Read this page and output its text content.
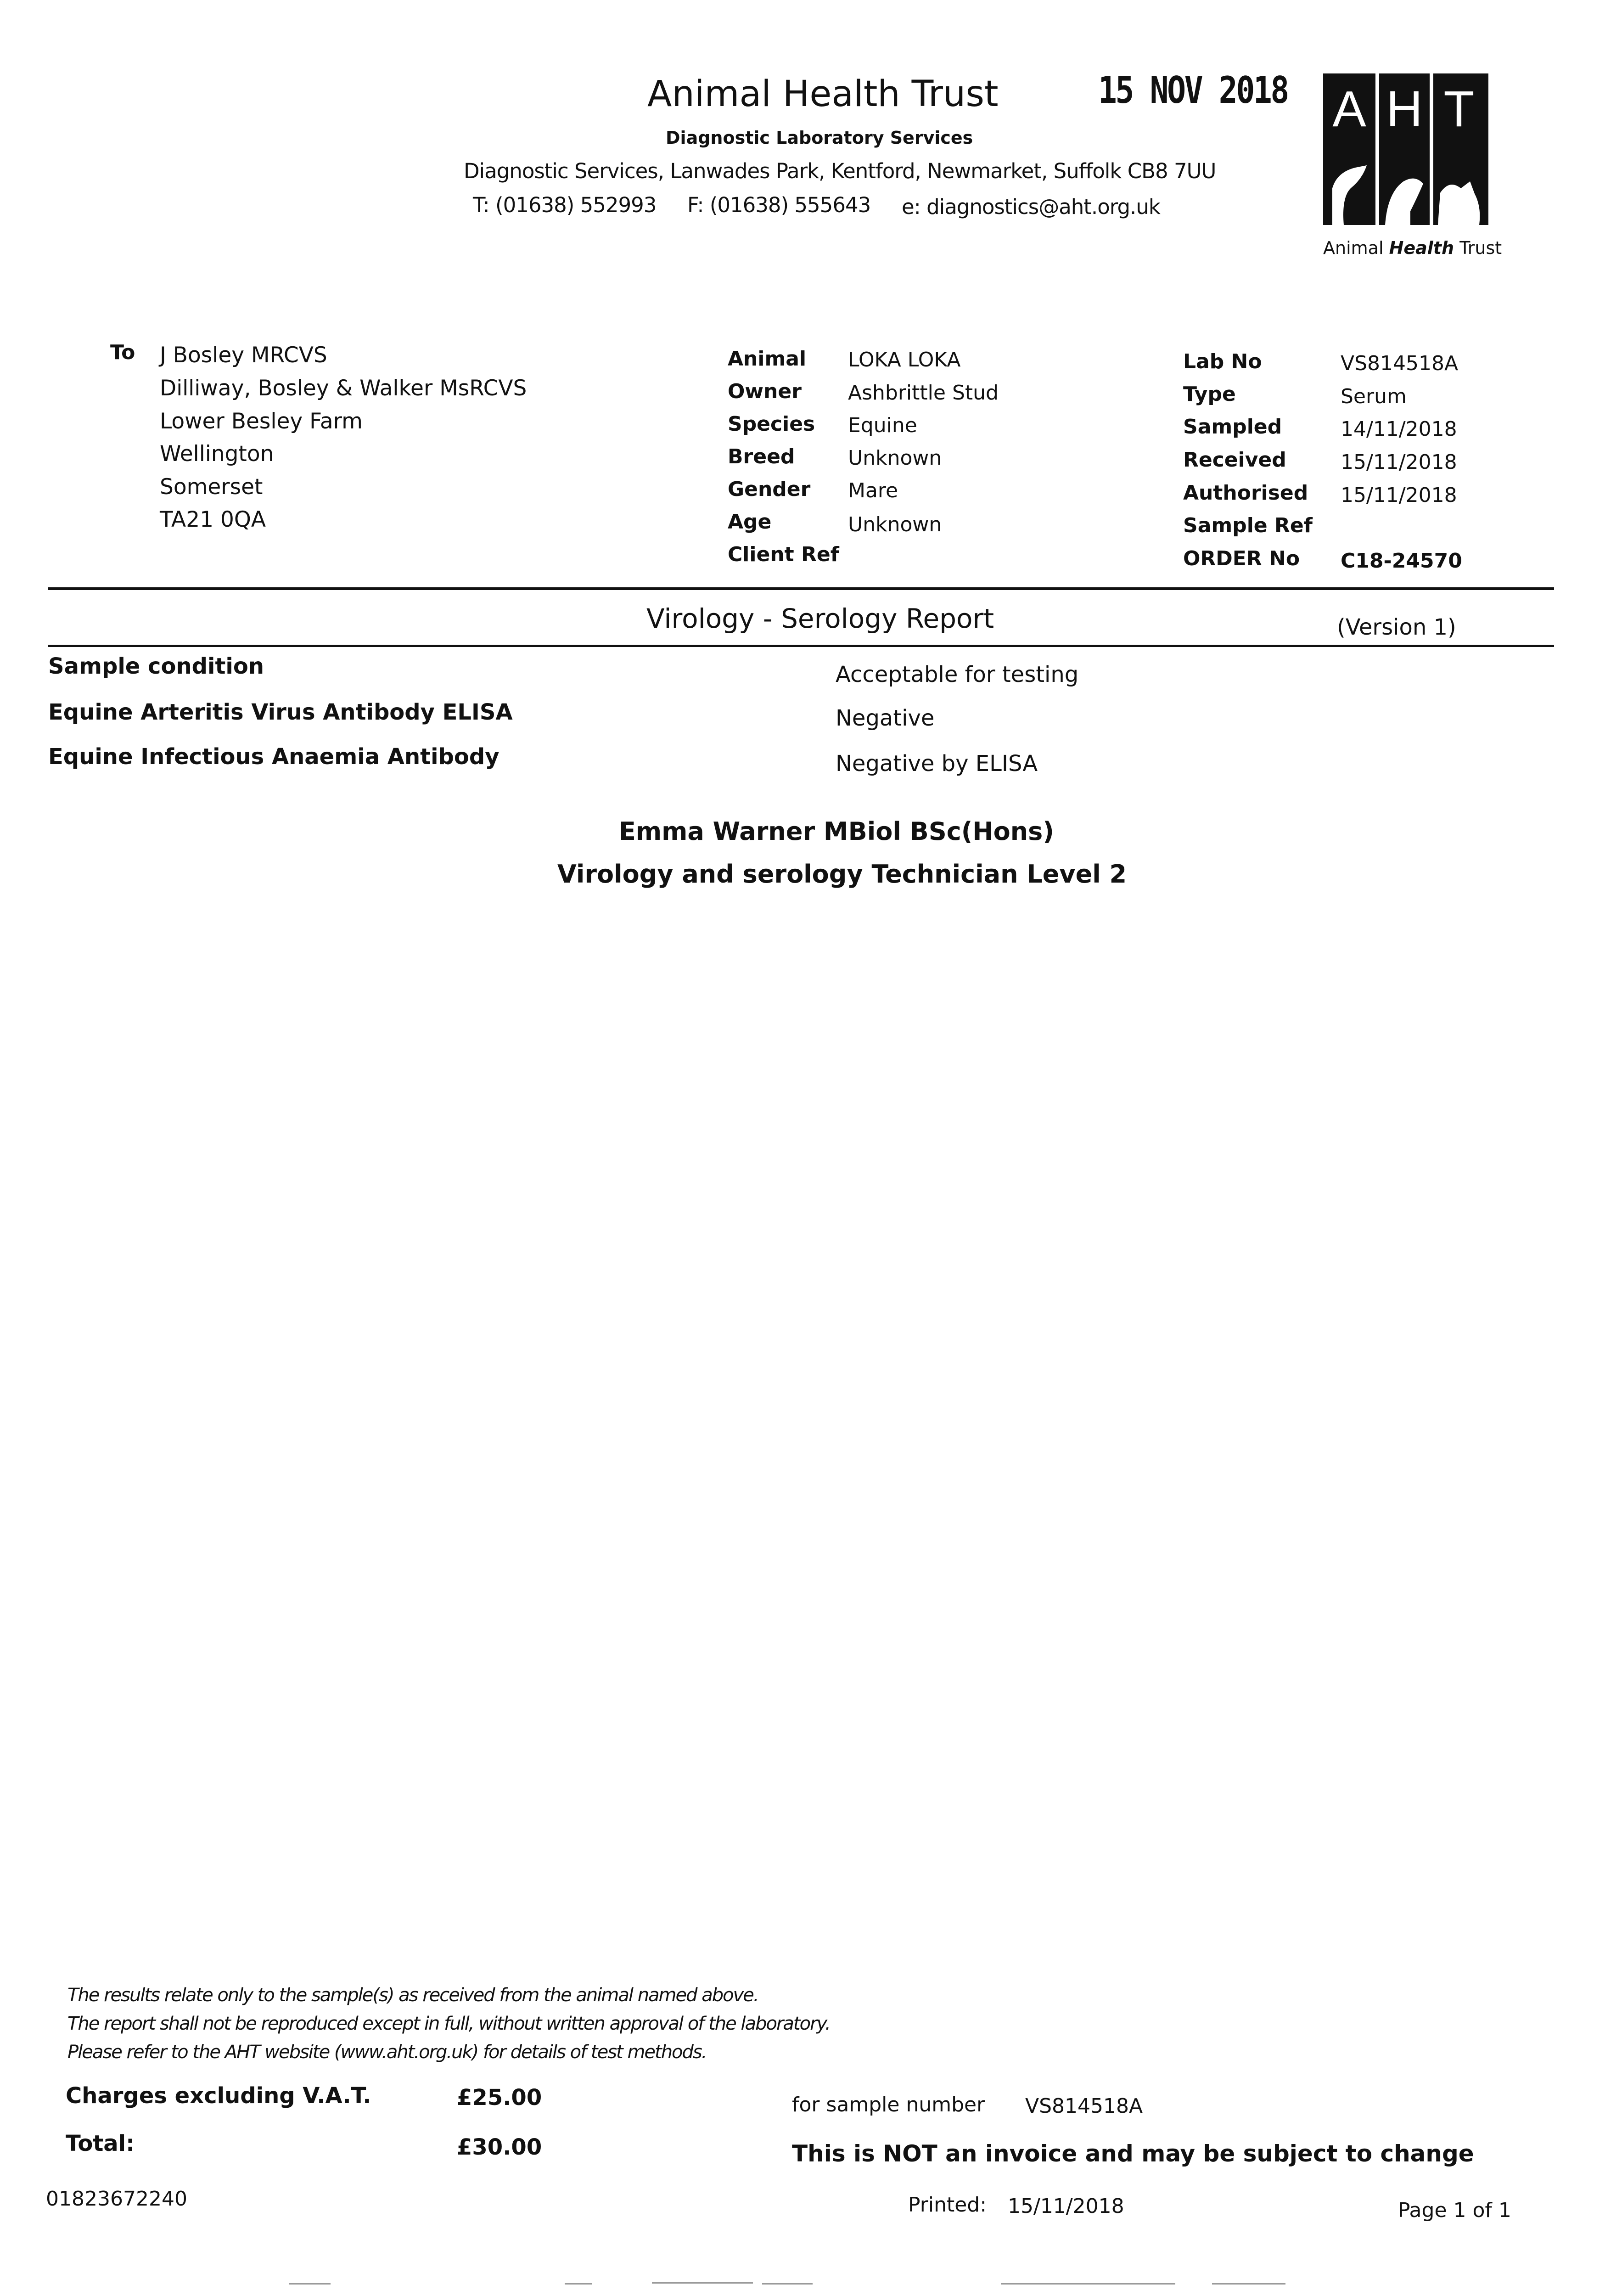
Animal Health Trust	15 NOV 2018
Diagnostic Laboratory Services
Diagnostic Services, Lanwades Park, Kentford, Newmarket, Suffolk CB8 7UU
T: (01638) 552993 F: (01638) 555643 e: diagnostics@aht.org.uk
A H T
Animal Health Trust
To J Bosley MRCVS
Dilliway, Bosley & Walker MsRCVS
Lower Besley Farm
Wellington
Somerset
TA21 0QA
Animal LOKA LOKA
Owner Ashbrittle Stud
Species Equine
Breed	Unknown
Gender Mare
Age	Unknown
Client Ref
Lab No	VS814518A
Type	Serum
Sampled	14/11/2018
Received	15/11/2018
Authorised 15/11/2018
Sample Ref
ORDER No C18-24570
Virology - Serology Report	(Version 1)
Sample condition	Acceptable for testing
Equine Arteritis Virus Antibody ELISA	Negative
Equine Infectious Anaemia Antibody	Negative by ELISA
Emma Warner MBiol BSc(Hons)
Virology and serology Technician Level 2
The results relate only to the sample(s) as received from the animal named above.
The report shall not be reproduced except in full, without written approval of the laboratory.
Please refer to the AHT website (www.aht.org.uk) for details of test methods.
Charges excluding V.A.T.	£25.00	for sample number VS814518A
Total:	£30.00	This is NOT an invoice and may be subject to change
01823672240	Printed: 15/11/2018	Page 1 of 1
